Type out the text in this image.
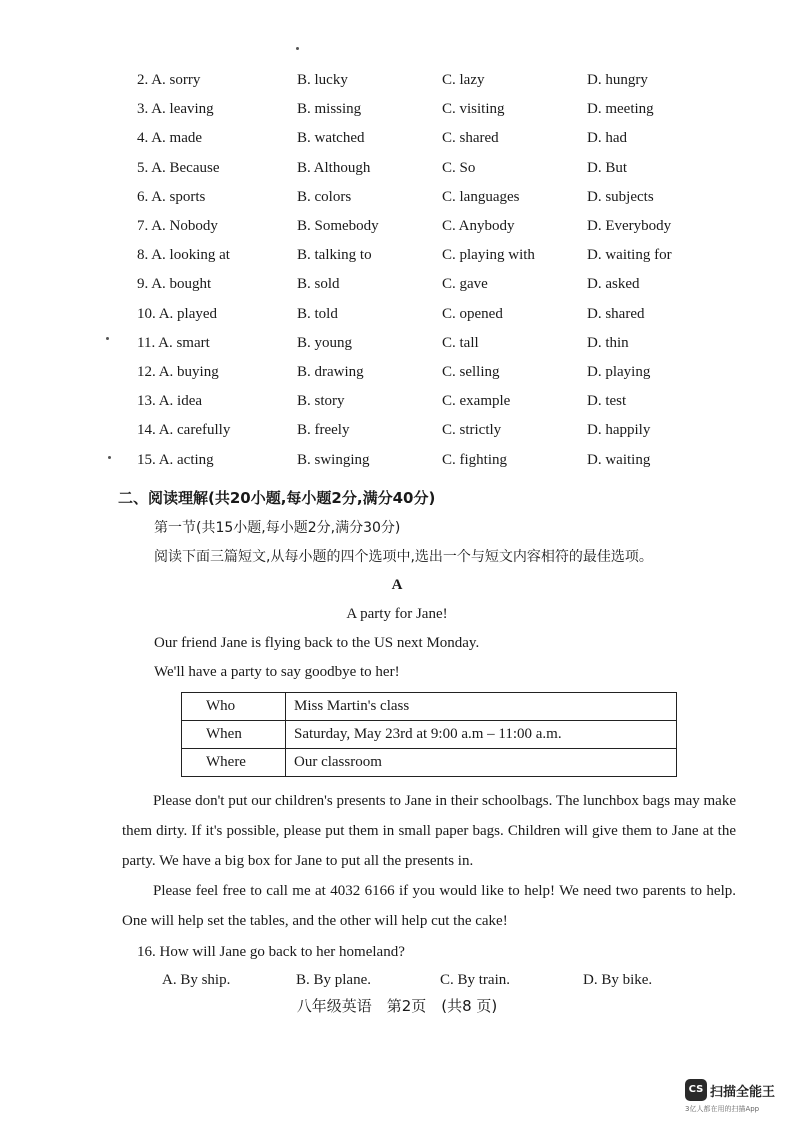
2. A. sorry	B. lucky	C. lazy	D. hungry
3. A. leaving	B. missing	C. visiting	D. meeting
4. A. made	B. watched	C. shared	D. had
5. A. Because	B. Although	C. So	D. But
6. A. sports	B. colors	C. languages	D. subjects
7. A. Nobody	B. Somebody	C. Anybody	D. Everybody
8. A. looking at	B. talking to	C. playing with	D. waiting for
9. A. bought	B. sold	C. gave	D. asked
10. A. played	B. told	C. opened	D. shared
11. A. smart	B. young	C. tall	D. thin
12. A. buying	B. drawing	C. selling	D. playing
13. A. idea	B. story	C. example	D. test
14. A. carefully	B. freely	C. strictly	D. happily
15. A. acting	B. swinging	C. fighting	D. waiting
二、阅读理解(共20小题,每小题2分,满分40分)
第一节(共15小题,每小题2分,满分30分)
阅读下面三篇短文,从每小题的四个选项中,选出一个与短文内容相符的最佳选项。
A
A party for Jane!
Our friend Jane is flying back to the US next Monday.
We'll have a party to say goodbye to her!
Who	Miss Martin's class
When	Saturday, May 23rd at 9:00 a.m – 11:00 a.m.
Where	Our classroom

Please don't put our children's presents to Jane in their schoolbags. The lunchbox bags may make them dirty. If it's possible, please put them in small paper bags. Children will give them to Jane at the party. We have a big box for Jane to put all the presents in.

Please feel free to call me at 4032 6166 if you would like to help! We need two parents to help. One will help set the tables, and the other will help cut the cake!

16. How will Jane go back to her homeland?
A. By ship.	B. By plane.	C. By train.	D. By bike.
八年级英语　第2页　(共8 页)
CS 扫描全能王
3亿人都在用的扫描App
